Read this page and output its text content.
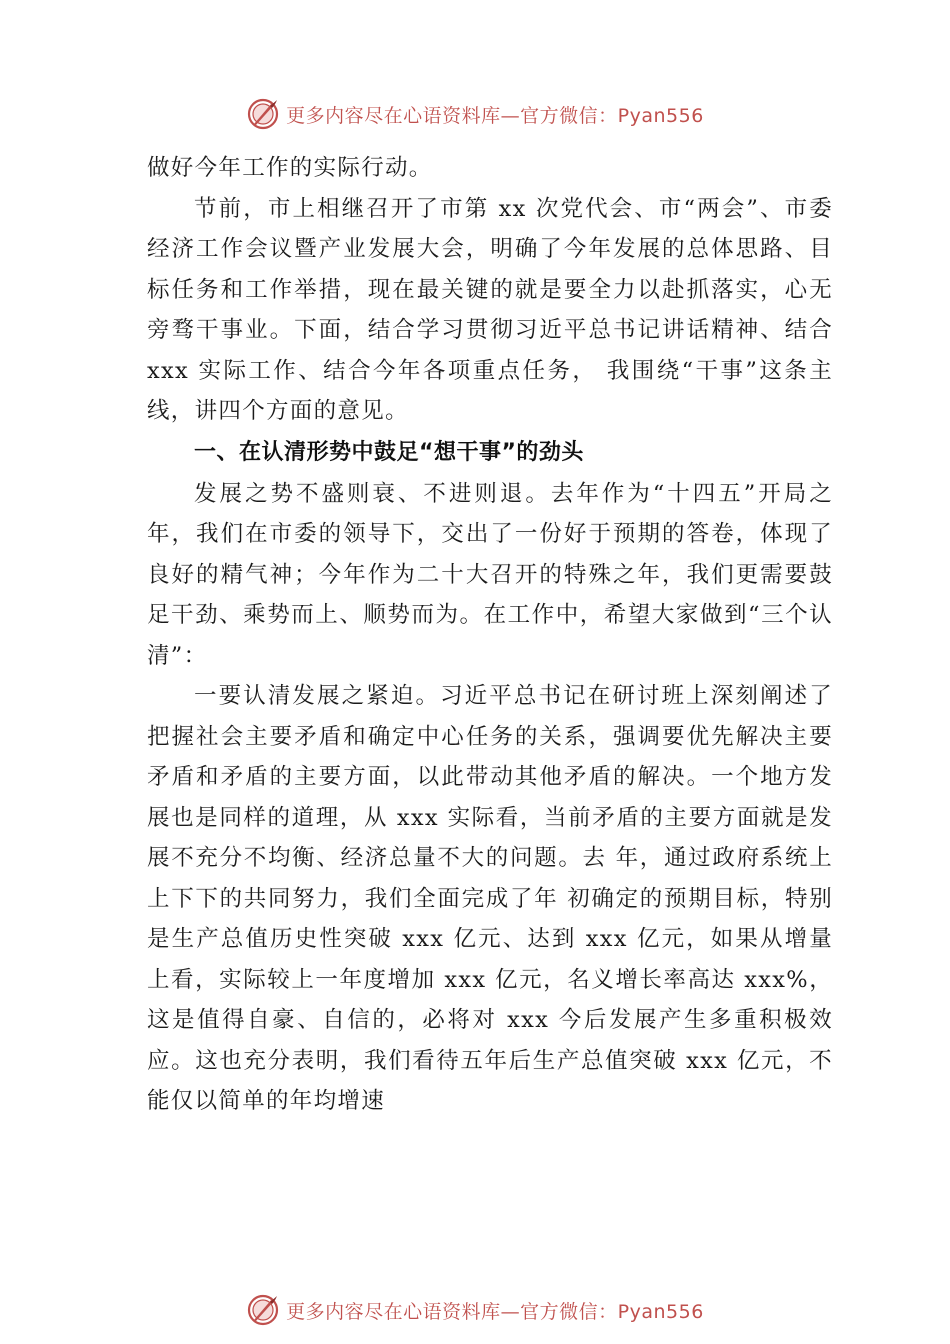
更多内容尽在心语资料库—官方微信：Pyan556

做好今年工作的实际行动。

节前，市上相继召开了市第 xx 次党代会、市“两会”、市委经济工作会议暨产业发展大会，明确了今年发展的总体思路、目标任务和工作举措，现在最关键的就是要全力以赴抓落实，心无旁骛干事业。下面，结合学习贯彻习近平总书记讲话精神、结合 xxx 实际工作、结合今年各项重点任务， 我围绕“干事”这条主线，讲四个方面的意见。

一、在认清形势中鼓足“想干事”的劲头

发展之势不盛则衰、不进则退。去年作为“十四五”开局之年，我们在市委的领导下，交出了一份好于预期的答卷，体现了良好的精气神；今年作为二十大召开的特殊之年，我们更需要鼓足干劲、乘势而上、顺势而为。在工作中，希望大家做到“三个认清”：

一要认清发展之紧迫。习近平总书记在研讨班上深刻阐述了把握社会主要矛盾和确定中心任务的关系，强调要优先解决主要矛盾和矛盾的主要方面，以此带动其他矛盾的解决。一个地方发展也是同样的道理，从 xxx 实际看，当前矛盾的主要方面就是发展不充分不均衡、经济总量不大的问题。去 年，通过政府系统上上下下的共同努力，我们全面完成了年 初确定的预期目标，特别是生产总值历史性突破 xxx 亿元、达到 xxx 亿元，如果从增量上看，实际较上一年度增加 xxx 亿元，名义增长率高达 xxx%，这是值得自豪、自信的，必将对 xxx 今后发展产生多重积极效应。这也充分表明，我们看待五年后生产总值突破 xxx 亿元，不能仅以简单的年均增速

更多内容尽在心语资料库—官方微信：Pyan556
